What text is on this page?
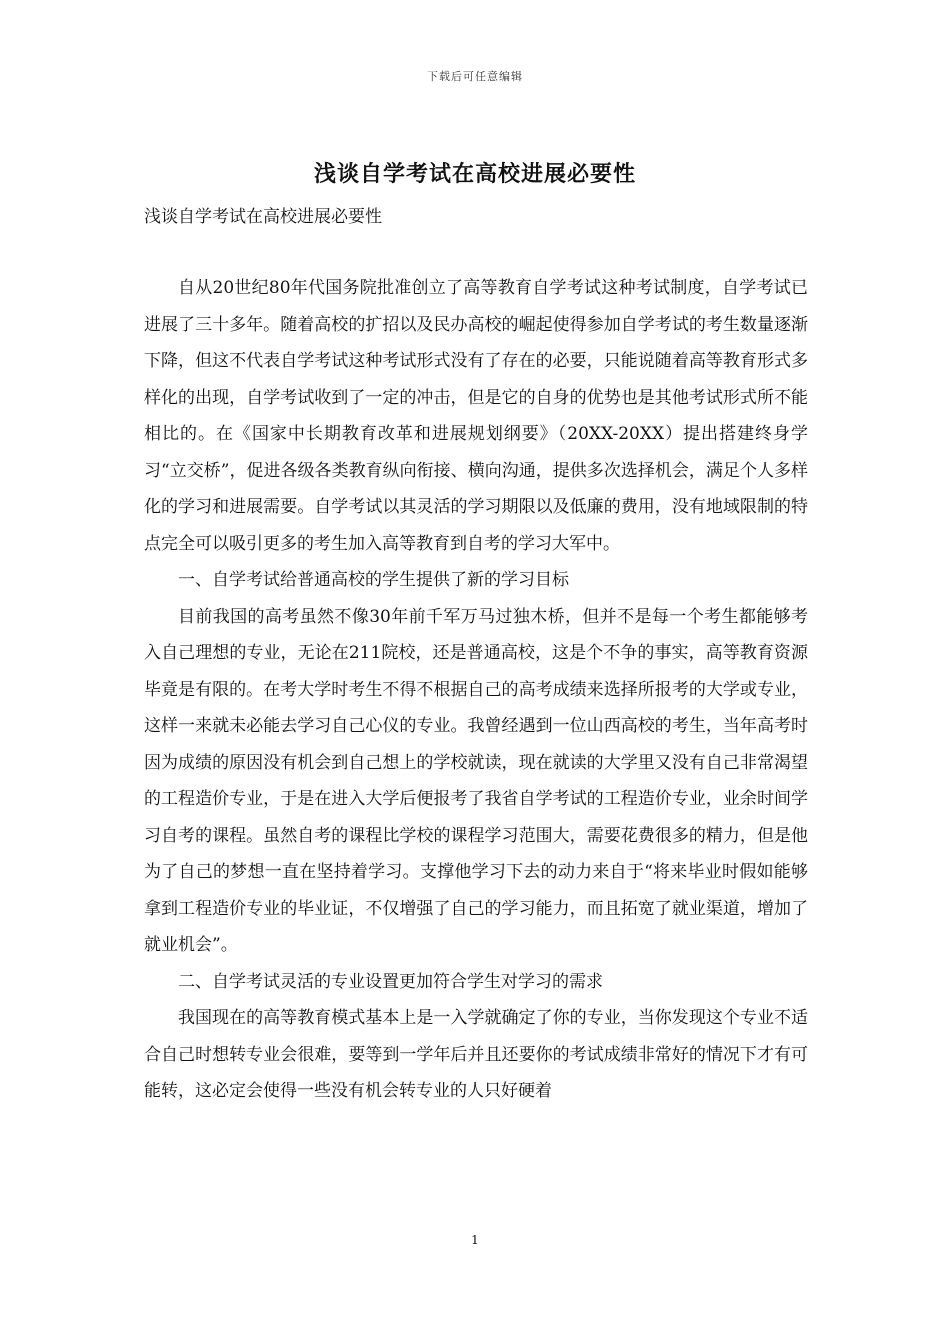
下载后可任意编辑
浅谈自学考试在高校进展必要性
浅谈自学考试在高校进展必要性

自从20世纪80年代国务院批准创立了高等教育自学考试这种考试制度，自学考试已进展了三十多年。随着高校的扩招以及民办高校的崛起使得参加自学考试的考生数量逐渐下降，但这不代表自学考试这种考试形式没有了存在的必要，只能说随着高等教育形式多样化的出现，自学考试收到了一定的冲击，但是它的自身的优势也是其他考试形式所不能相比的。在《国家中长期教育改革和进展规划纲要》（20XX-20XX）提出搭建终身学习“立交桥”，促进各级各类教育纵向衔接、横向沟通，提供多次选择机会，满足个人多样化的学习和进展需要。自学考试以其灵活的学习期限以及低廉的费用，没有地域限制的特点完全可以吸引更多的考生加入高等教育到自考的学习大军中。

一、自学考试给普通高校的学生提供了新的学习目标

目前我国的高考虽然不像30年前千军万马过独木桥，但并不是每一个考生都能够考入自己理想的专业，无论在211院校，还是普通高校，这是个不争的事实，高等教育资源毕竟是有限的。在考大学时考生不得不根据自己的高考成绩来选择所报考的大学或专业，这样一来就未必能去学习自己心仪的专业。我曾经遇到一位山西高校的考生，当年高考时因为成绩的原因没有机会到自己想上的学校就读，现在就读的大学里又没有自己非常渴望的工程造价专业，于是在进入大学后便报考了我省自学考试的工程造价专业，业余时间学习自考的课程。虽然自考的课程比学校的课程学习范围大，需要花费很多的精力，但是他为了自己的梦想一直在坚持着学习。支撑他学习下去的动力来自于“将来毕业时假如能够拿到工程造价专业的毕业证，不仅增强了自己的学习能力，而且拓宽了就业渠道，增加了就业机会”。

二、自学考试灵活的专业设置更加符合学生对学习的需求

我国现在的高等教育模式基本上是一入学就确定了你的专业，当你发现这个专业不适合自己时想转专业会很难，要等到一学年后并且还要你的考试成绩非常好的情况下才有可能转，这必定会使得一些没有机会转专业的人只好硬着

1
